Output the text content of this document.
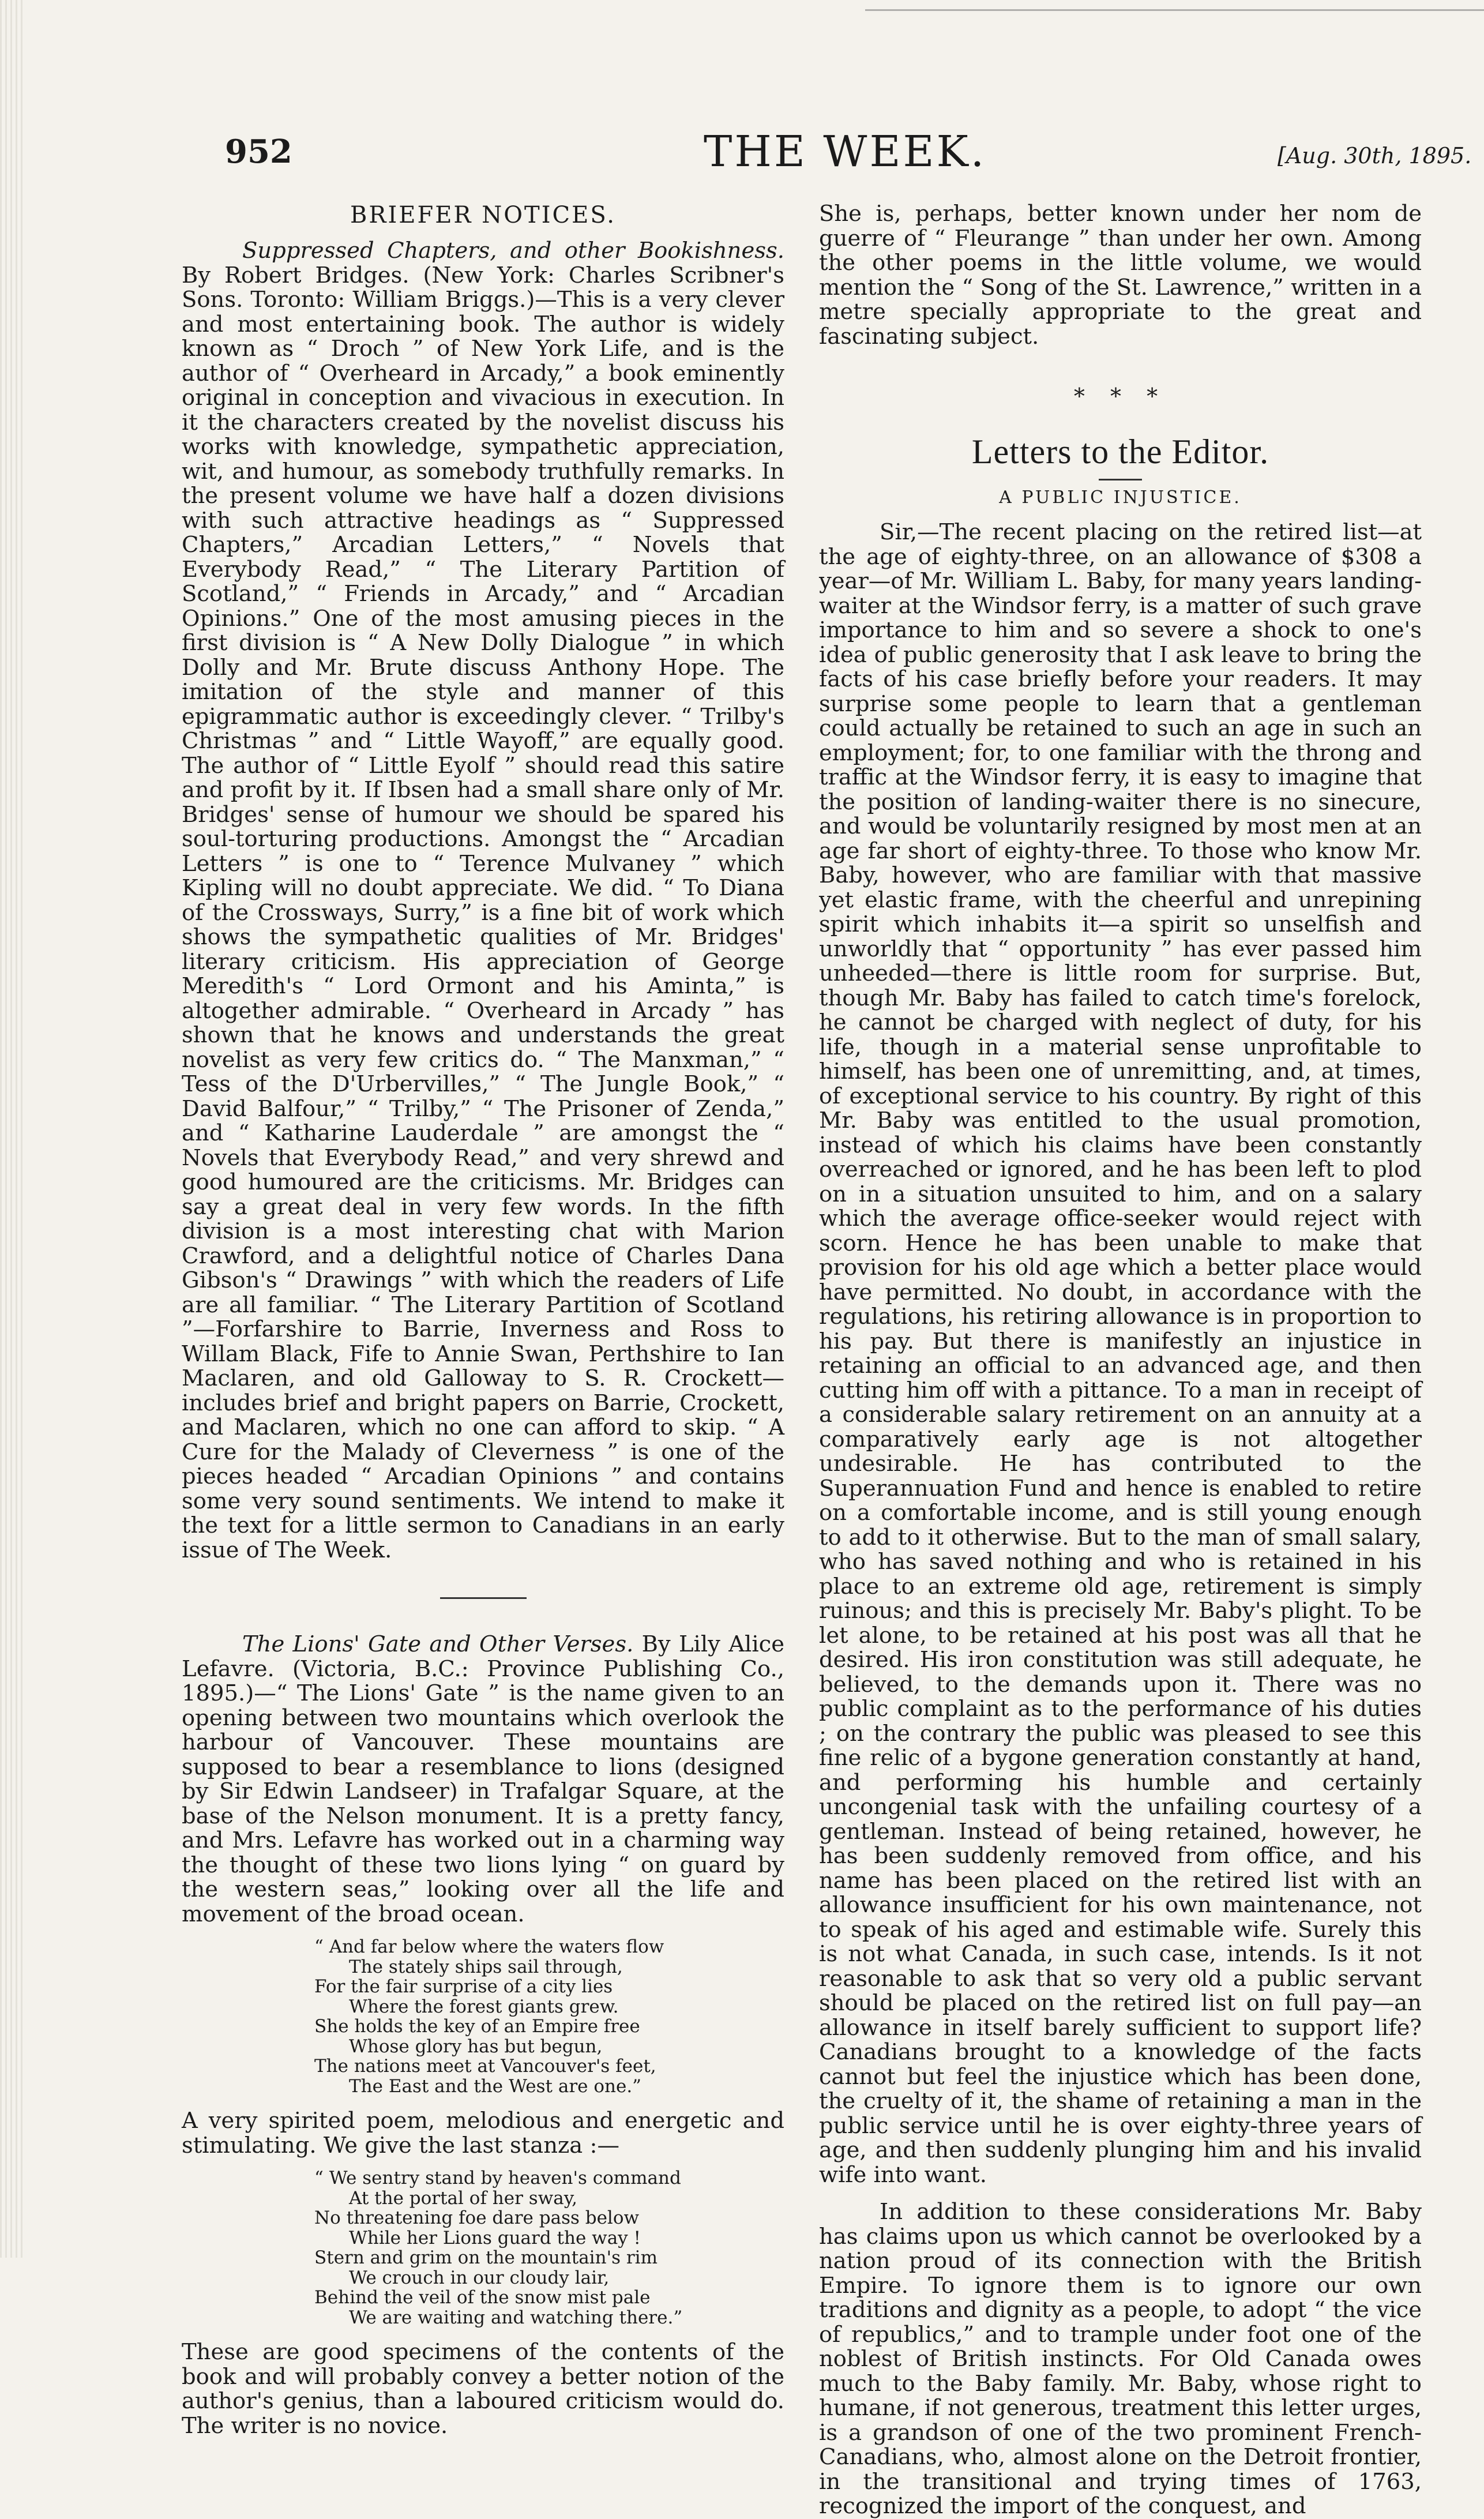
952	THE WEEK.	[Aug. 30th, 1895.
BRIEFER NOTICES.

Suppressed Chapters, and other Bookishness. By Robert Bridges. (New York: Charles Scribner's Sons. Toronto: William Briggs.)—This is a very clever and most entertaining book. The author is widely known as “ Droch ” of New York Life, and is the author of “ Overheard in Arcady,” a book eminently original in conception and vivacious in execution. In it the characters created by the novelist discuss his works with knowledge, sympathetic appreciation, wit, and humour, as somebody truthfully remarks. In the present volume we have half a dozen divisions with such attractive headings as “ Suppressed Chapters,” Arcadian Letters,” “ Novels that Everybody Read,” “ The Literary Partition of Scotland,” “ Friends in Arcady,” and “ Arcadian Opinions.” One of the most amusing pieces in the first division is “ A New Dolly Dialogue ” in which Dolly and Mr. Brute discuss Anthony Hope. The imitation of the style and manner of this epigrammatic author is exceedingly clever. “ Trilby's Christmas ” and “ Little Wayoff,” are equally good. The author of “ Little Eyolf ” should read this satire and profit by it. If Ibsen had a small share only of Mr. Bridges' sense of humour we should be spared his soul-torturing productions. Amongst the “ Arcadian Letters ” is one to “ Terence Mulvaney ” which Kipling will no doubt appreciate. We did. “ To Diana of the Crossways, Surry,” is a fine bit of work which shows the sympathetic qualities of Mr. Bridges' literary criticism. His appreciation of George Meredith's “ Lord Ormont and his Aminta,” is altogether admirable. “ Overheard in Arcady ” has shown that he knows and understands the great novelist as very few critics do. “ The Manxman,” “ Tess of the D'Urbervilles,” “ The Jungle Book,” “ David Balfour,” “ Trilby,” “ The Prisoner of Zenda,” and “ Katharine Lauderdale ” are amongst the “ Novels that Everybody Read,” and very shrewd and good humoured are the criticisms. Mr. Bridges can say a great deal in very few words. In the fifth division is a most interesting chat with Marion Crawford, and a delightful notice of Charles Dana Gibson's “ Drawings ” with which the readers of Life are all familiar. “ The Literary Partition of Scotland ”—Forfarshire to Barrie, Inverness and Ross to Willam Black, Fife to Annie Swan, Perthshire to Ian Maclaren, and old Galloway to S. R. Crockett—includes brief and bright papers on Barrie, Crockett, and Maclaren, which no one can afford to skip. “ A Cure for the Malady of Cleverness ” is one of the pieces headed “ Arcadian Opinions ” and contains some very sound sentiments. We intend to make it the text for a little sermon to Canadians in an early issue of The Week.

The Lions' Gate and Other Verses. By Lily Alice Lefavre. (Victoria, B.C.: Province Publishing Co., 1895.)—“ The Lions' Gate ” is the name given to an opening between two mountains which overlook the harbour of Vancouver. These mountains are supposed to bear a resemblance to lions (designed by Sir Edwin Landseer) in Trafalgar Square, at the base of the Nelson monument. It is a pretty fancy, and Mrs. Lefavre has worked out in a charming way the thought of these two lions lying “ on guard by the western seas,” looking over all the life and movement of the broad ocean.

“ And far below where the waters flow
The stately ships sail through,
For the fair surprise of a city lies
Where the forest giants grew.
She holds the key of an Empire free
Whose glory has but begun,
The nations meet at Vancouver's feet,
The East and the West are one.”

A very spirited poem, melodious and energetic and stimulating. We give the last stanza :—

“ We sentry stand by heaven's command
At the portal of her sway,
No threatening foe dare pass below
While her Lions guard the way !
Stern and grim on the mountain's rim
We crouch in our cloudy lair,
Behind the veil of the snow mist pale
We are waiting and watching there.”

These are good specimens of the contents of the book and will probably convey a better notion of the author's genius, than a laboured criticism would do. The writer is no novice.

She is, perhaps, better known under her nom de guerre of “ Fleurange ” than under her own. Among the other poems in the little volume, we would mention the “ Song of the St. Lawrence,” written in a metre specially appropriate to the great and fascinating subject.

* * *
Letters to the Editor.
A PUBLIC INJUSTICE.

Sir,—The recent placing on the retired list—at the age of eighty-three, on an allowance of $308 a year—of Mr. William L. Baby, for many years landing-waiter at the Windsor ferry, is a matter of such grave importance to him and so severe a shock to one's idea of public generosity that I ask leave to bring the facts of his case briefly before your readers. It may surprise some people to learn that a gentleman could actually be retained to such an age in such an employment; for, to one familiar with the throng and traffic at the Windsor ferry, it is easy to imagine that the position of landing-waiter there is no sinecure, and would be voluntarily resigned by most men at an age far short of eighty-three. To those who know Mr. Baby, however, who are familiar with that massive yet elastic frame, with the cheerful and unrepining spirit which inhabits it—a spirit so unselfish and unworldly that “ opportunity ” has ever passed him unheeded—there is little room for surprise. But, though Mr. Baby has failed to catch time's forelock, he cannot be charged with neglect of duty, for his life, though in a material sense unprofitable to himself, has been one of unremitting, and, at times, of exceptional service to his country. By right of this Mr. Baby was entitled to the usual promotion, instead of which his claims have been constantly overreached or ignored, and he has been left to plod on in a situation unsuited to him, and on a salary which the average office-seeker would reject with scorn. Hence he has been unable to make that provision for his old age which a better place would have permitted. No doubt, in accordance with the regulations, his retiring allowance is in proportion to his pay. But there is manifestly an injustice in retaining an official to an advanced age, and then cutting him off with a pittance. To a man in receipt of a considerable salary retirement on an annuity at a comparatively early age is not altogether undesirable. He has contributed to the Superannuation Fund and hence is enabled to retire on a comfortable income, and is still young enough to add to it otherwise. But to the man of small salary, who has saved nothing and who is retained in his place to an extreme old age, retirement is simply ruinous; and this is precisely Mr. Baby's plight. To be let alone, to be retained at his post was all that he desired. His iron constitution was still adequate, he believed, to the demands upon it. There was no public complaint as to the performance of his duties ; on the contrary the public was pleased to see this fine relic of a bygone generation constantly at hand, and performing his humble and certainly uncongenial task with the unfailing courtesy of a gentleman. Instead of being retained, however, he has been suddenly removed from office, and his name has been placed on the retired list with an allowance insufficient for his own maintenance, not to speak of his aged and estimable wife. Surely this is not what Canada, in such case, intends. Is it not reasonable to ask that so very old a public servant should be placed on the retired list on full pay—an allowance in itself barely sufficient to support life? Canadians brought to a knowledge of the facts cannot but feel the injustice which has been done, the cruelty of it, the shame of retaining a man in the public service until he is over eighty-three years of age, and then suddenly plunging him and his invalid wife into want.

In addition to these considerations Mr. Baby has claims upon us which cannot be overlooked by a nation proud of its connection with the British Empire. To ignore them is to ignore our own traditions and dignity as a people, to adopt “ the vice of republics,” and to trample under foot one of the noblest of British instincts. For Old Canada owes much to the Baby family. Mr. Baby, whose right to humane, if not generous, treatment this letter urges, is a grandson of one of the two prominent French-Canadians, who, almost alone on the Detroit frontier, in the transitional and trying times of 1763, recognized the import of the conquest, and
